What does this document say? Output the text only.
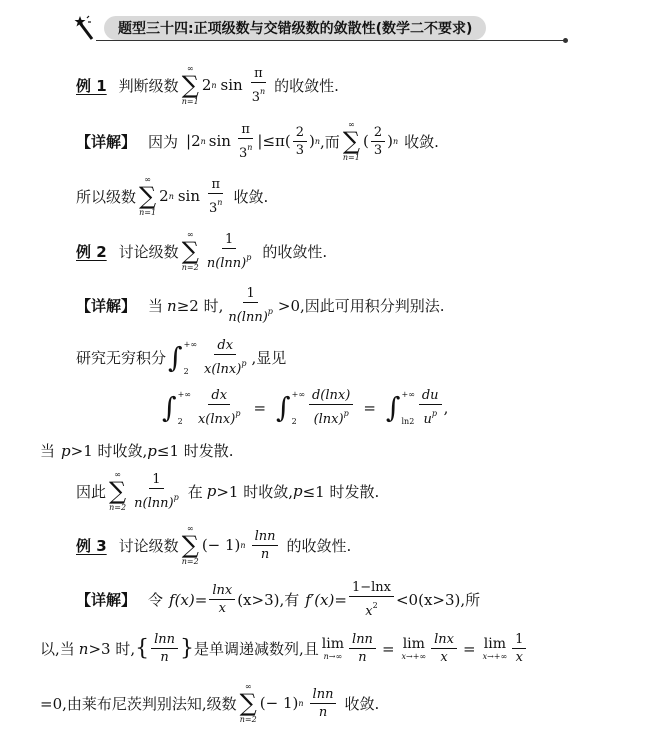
题型三十四:正项级数与交错级数的敛散性(数学二不要求)
例 1 判断级数
∞
∑
n=1
2 n $\sin \frac{\pi}{3^n}$ 的收敛性.
【详解】 因为 |2 n $\sin \frac{\pi}{3^n}$ | $\le\pi( \frac{2}{3}$ ) n ,而
∞
∑
n=1
( $\frac{2}{3}$ ) n 收敛.
所以级数
∞
∑
n=1
2 n $\sin \frac{\pi}{3^n}$ 收敛.
例 2 讨论级数
∞
∑
$n=2 \frac{1}{n(\ln n)^p}$ 的收敛性.
【详解】 当 n ≥2 时, $\frac{1}{n(\ln n)^p} >0$,因此可用积分判别法.
研究无穷积分 ∫ +∞
$2 \frac{dx}{x(\ln x)^p}$ ,显见
∫ +∞
$2 \frac{dx}{x(\ln x)^p}$ = ∫ +∞
$2 \frac{d(\ln x)}{(\ln x)^p}$ = ∫ +∞
$\ln 2 \frac{du}{u^p}$ ,
当 p >1 时收敛, p ≤1 时发散.
因此
∞
∑
$n=2 \frac{1}{n(\ln n)^p}$ 在 p >1 时收敛, p ≤1 时发散.
例 3 讨论级数
∞
∑
n=2
(− 1) n $\frac{\ln n}{n}$ 的收敛性.
【详解】 令 $f(x)= \frac{\ln x}{x} (x>3)$,有 $f'(x)= \frac{1-\ln x}{x^2} <0(x>3)$,所
以,当 n >3 时, { $\frac{\ln n}{n}$ } 是单调递减数列,且 lim
$n\to\infty \frac{\ln n}{n} = \lim$
$x\to+\infty \frac{\ln x}{x} = \lim$
$x\to+\infty \frac{1}{x}$
=0,由莱布尼茨判别法知,级数
∞
∑
n=2
(− 1) n $\frac{\ln n}{n}$ 收敛.
